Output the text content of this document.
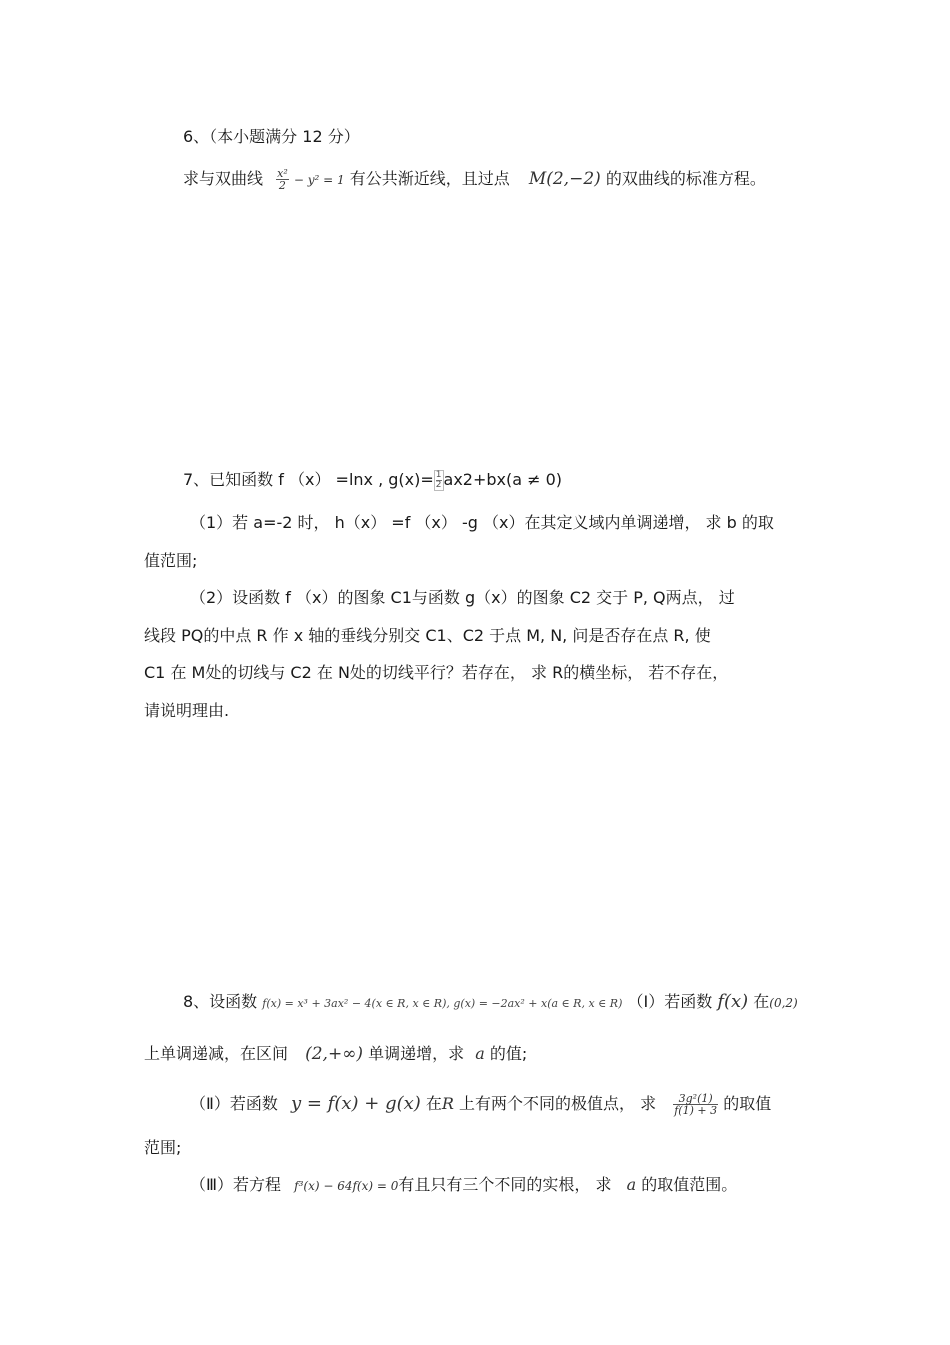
6、（本小题满分 12 分）
求与双曲线 $\frac{\text{x²}}{2} - y^2 = 1$ 有公共渐近线，且过点 M(2,−2) 的双曲线的标准方程。
7、已知函数 f （x） =lnx , $g(x)= \frac{1}{2} ax2+bx(a \ne 0)$
（1）若 a=-2 时， h（x） =f （x） -g （x）在其定义域内单调递增， 求 b 的取
值范围;
（2）设函数 f （x）的图象 C1与函数 g（x）的图象 C2 交于 P, Q两点， 过
线段 PQ的中点 R 作 x 轴的垂线分别交 C1、C2 于点 M, N, 问是否存在点 R, 使
C1 在 M处的切线与 C2 在 N处的切线平行？若存在， 求 R的横坐标， 若不存在，
请说明理由.
8、设函数 f(x) = x³ + 3ax² − 4(x ∈ R, x ∈ R), g(x) = −2ax² + x(a ∈ R, x ∈ R) （Ⅰ）若函数 f(x) 在(0,2)
上单调递减，在区间 (2,+∞) 单调递增，求 a 的值;
（Ⅱ）若函数 y = f(x) + g(x) 在R 上有两个不同的极值点， 求 $\frac{\text{3g²(1)}}{f(1) + 3}$ 的取值
范围;
（Ⅲ）若方程 f³(x) − 64f(x) = 0有且只有三个不同的实根， 求 a 的取值范围。
